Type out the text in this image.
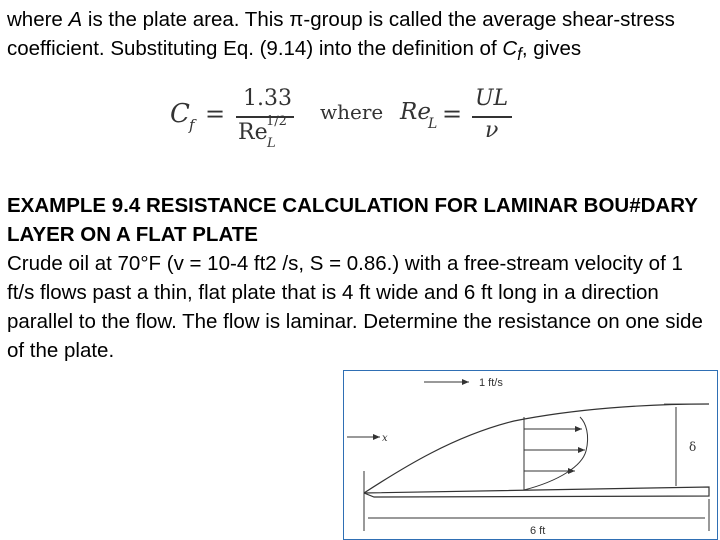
where A is the plate area. This π-group is called the average shear-stress coefficient. Substituting Eq. (9.14) into the definition of $C_f$, gives

C f =
1.33
Re
1/2
L
where Re
L =
UL
ν

EXAMPLE 9.4 RESISTANCE CALCULATION FOR LAMINAR BOU#DARY LAYER ON A FLAT PLATE

Crude oil at 70°F (v = 10-4 ft2 /s, S = 0.86.) with a free-stream velocity of 1 ft/s flows past a thin, flat plate that is 4 ft wide and 6 ft long in a direction parallel to the flow. The flow is laminar. Determine the resistance on one side of the plate.

1 ft/s
x
δ
6 ft
